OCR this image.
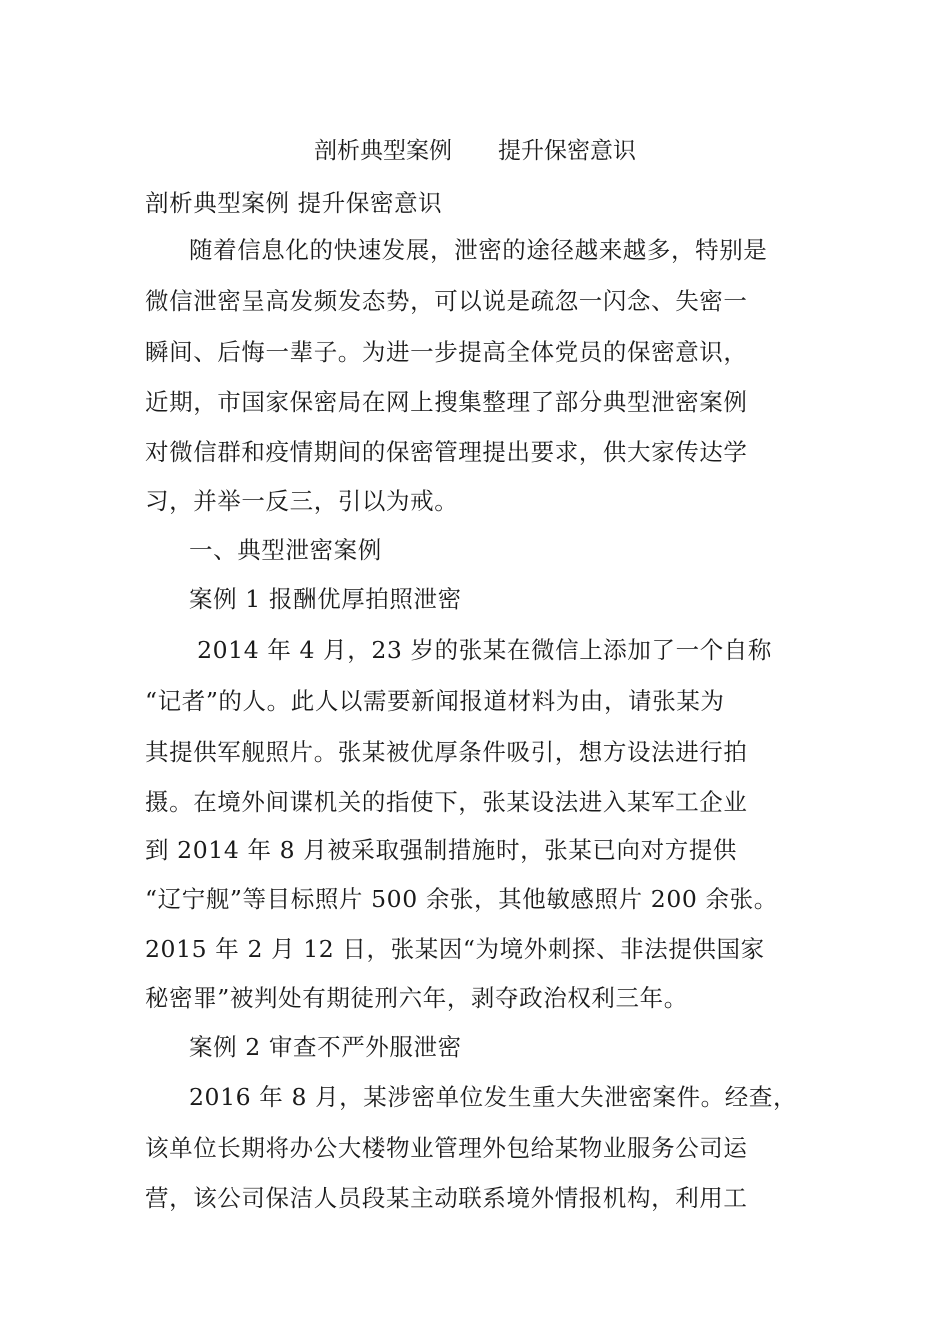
剖析典型案例　　提升保密意识
剖析典型案例 提升保密意识
随着信息化的快速发展，泄密的途径越来越多，特别是
微信泄密呈高发频发态势，可以说是疏忽一闪念、失密一
瞬间、后悔一辈子。为进一步提高全体党员的保密意识，
近期，市国家保密局在网上搜集整理了部分典型泄密案例
对微信群和疫情期间的保密管理提出要求，供大家传达学
习，并举一反三，引以为戒。
一、典型泄密案例
案例 1 报酬优厚拍照泄密
2014 年 4 月，23 岁的张某在微信上添加了一个自称
“记者”的人。此人以需要新闻报道材料为由，请张某为
其提供军舰照片。张某被优厚条件吸引，想方设法进行拍
摄。在境外间谍机关的指使下，张某设法进入某军工企业
到 2014 年 8 月被采取强制措施时，张某已向对方提供
“辽宁舰”等目标照片 500 余张，其他敏感照片 200 余张。
2015 年 2 月 12 日，张某因“为境外刺探、非法提供国家
秘密罪”被判处有期徒刑六年，剥夺政治权利三年。
案例 2 审查不严外服泄密
2016 年 8 月，某涉密单位发生重大失泄密案件。经查，
该单位长期将办公大楼物业管理外包给某物业服务公司运
营，该公司保洁人员段某主动联系境外情报机构，利用工
